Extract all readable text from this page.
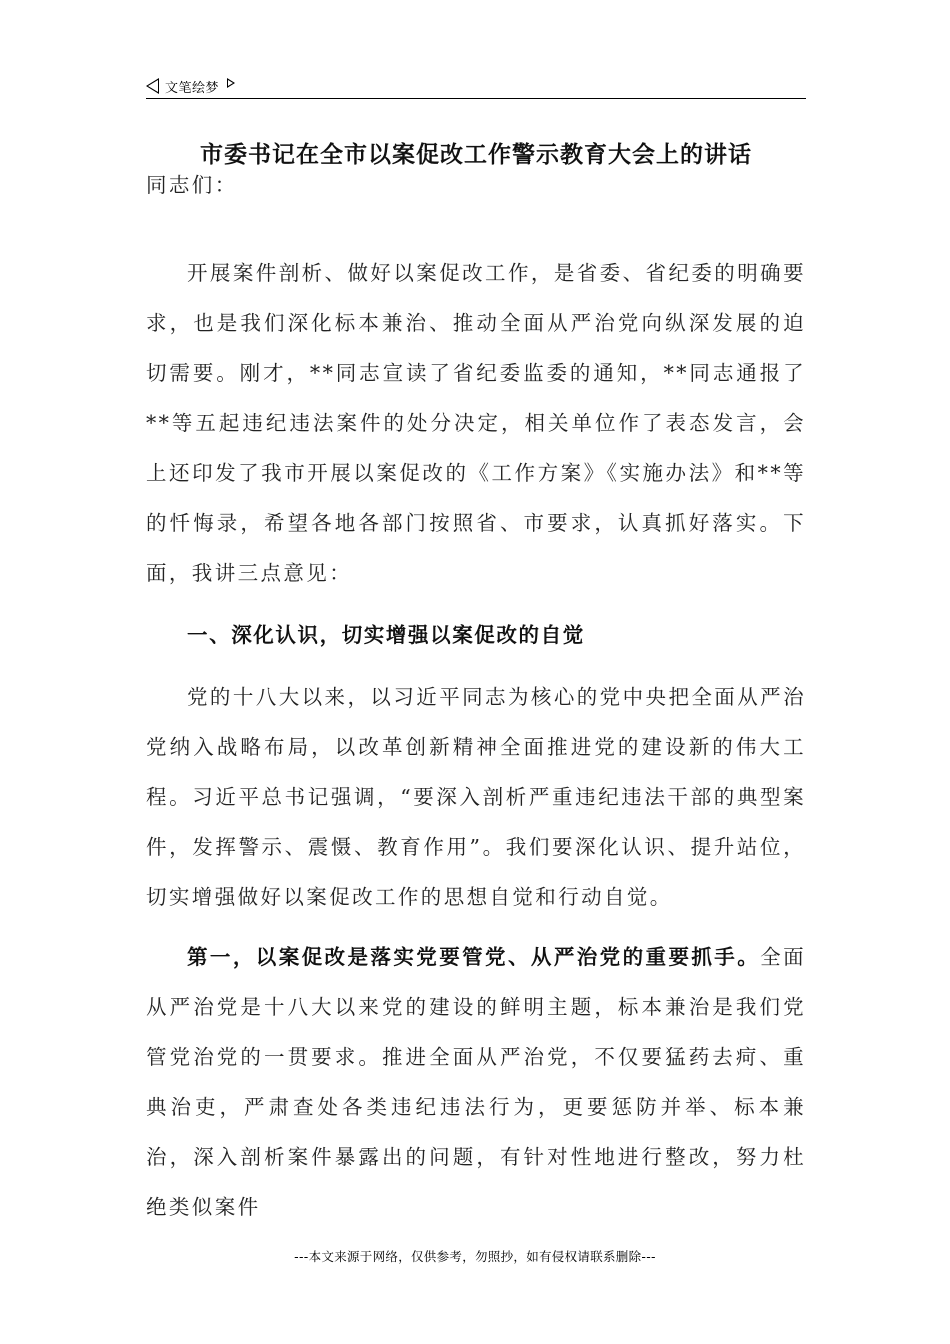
文笔绘梦
市委书记在全市以案促改工作警示教育大会上的讲话

同志们：

开展案件剖析、做好以案促改工作，是省委、省纪委的明确要求，也是我们深化标本兼治、推动全面从严治党向纵深发展的迫切需要。刚才，**同志宣读了省纪委监委的通知，**同志通报了**等五起违纪违法案件的处分决定，相关单位作了表态发言，会上还印发了我市开展以案促改的《工作方案》《实施办法》和**等的忏悔录，希望各地各部门按照省、市要求，认真抓好落实。下面，我讲三点意见：

一、深化认识，切实增强以案促改的自觉

党的十八大以来，以习近平同志为核心的党中央把全面从严治党纳入战略布局，以改革创新精神全面推进党的建设新的伟大工程。习近平总书记强调，“要深入剖析严重违纪违法干部的典型案件，发挥警示、震慑、教育作用”。我们要深化认识、提升站位，切实增强做好以案促改工作的思想自觉和行动自觉。

第一，以案促改是落实党要管党、从严治党的重要抓手。全面从严治党是十八大以来党的建设的鲜明主题，标本兼治是我们党管党治党的一贯要求。推进全面从严治党，不仅要猛药去疴、重典治吏，严肃查处各类违纪违法行为，更要惩防并举、标本兼治，深入剖析案件暴露出的问题，有针对性地进行整改，努力杜绝类似案件

---本文来源于网络，仅供参考，勿照抄，如有侵权请联系删除---
